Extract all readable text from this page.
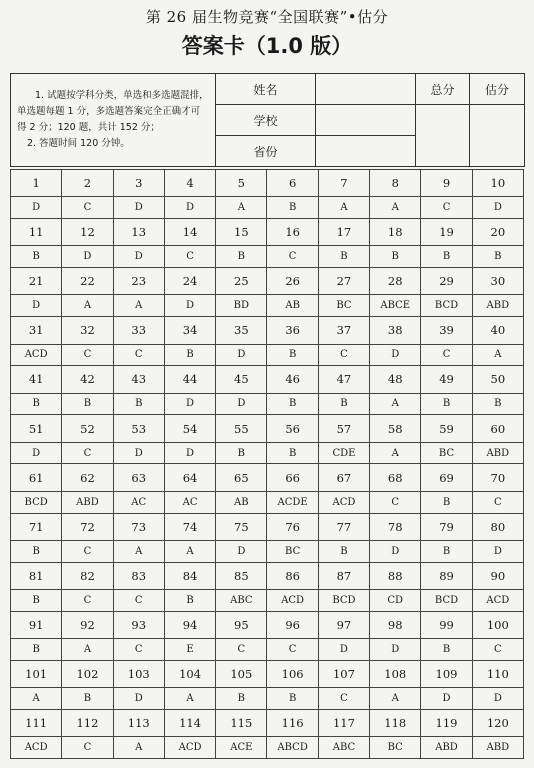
第 26 届生物竞赛“全国联赛”•估分
答案卡（1.0 版）

1. 试题按学科分类，单选和多选题混排，单选题每题 1 分，多选题答案完全正确才可得 2 分；120 题，共计 152 分；

2. 答题时间 120 分钟。	姓名		总分	估分
	学校			
	省份			
1	2	3	4	5	6	7	8	9	10
D	C	D	D	A	B	A	A	C	D
11	12	13	14	15	16	17	18	19	20
B	D	D	C	B	C	B	B	B	B
21	22	23	24	25	26	27	28	29	30
D	A	A	D	BD	AB	BC	ABCE	BCD	ABD
31	32	33	34	35	36	37	38	39	40
ACD	C	C	B	D	B	C	D	C	A
41	42	43	44	45	46	47	48	49	50
B	B	B	D	D	B	B	A	B	B
51	52	53	54	55	56	57	58	59	60
D	C	D	D	B	B	CDE	A	BC	ABD
61	62	63	64	65	66	67	68	69	70
BCD	ABD	AC	AC	AB	ACDE	ACD	C	B	C
71	72	73	74	75	76	77	78	79	80
B	C	A	A	D	BC	B	D	B	D
81	82	83	84	85	86	87	88	89	90
B	C	C	B	ABC	ACD	BCD	CD	BCD	ACD
91	92	93	94	95	96	97	98	99	100
B	A	C	E	C	C	D	D	B	C
101	102	103	104	105	106	107	108	109	110
A	B	D	A	B	B	C	A	D	D
111	112	113	114	115	116	117	118	119	120
ACD	C	A	ACD	ACE	ABCD	ABC	BC	ABD	ABD
